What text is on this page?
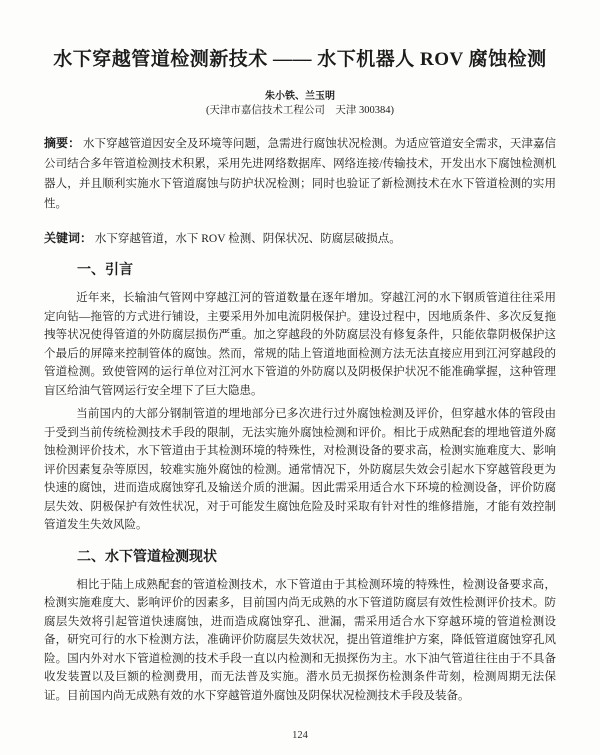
水下穿越管道检测新技术 —— 水下机器人 ROV 腐蚀检测
朱小铁、兰玉明
(天津市嘉信技术工程公司　天津 300384)

摘要： 水下穿越管道因安全及环境等问题，急需进行腐蚀状况检测。为适应管道安全需求，天津嘉信公司结合多年管道检测技术积累，采用先进网络数据库、网络连接/传输技术，开发出水下腐蚀检测机器人，并且顺利实施水下管道腐蚀与防护状况检测；同时也验证了新检测技术在水下管道检测的实用性。

关键词： 水下穿越管道，水下 ROV 检测、阴保状况、防腐层破损点。

一、引言

近年来，长输油气管网中穿越江河的管道数量在逐年增加。穿越江河的水下钢质管道往往采用定向钻—拖管的方式进行铺设，主要采用外加电流阴极保护。建设过程中，因地质条件、多次反复拖拽等状况使得管道的外防腐层损伤严重。加之穿越段的外防腐层没有修复条件，只能依靠阴极保护这个最后的屏障来控制管体的腐蚀。然而，常规的陆上管道地面检测方法无法直接应用到江河穿越段的管道检测。致使管网的运行单位对江河水下管道的外防腐以及阴极保护状况不能准确掌握，这种管理盲区给油气管网运行安全埋下了巨大隐患。

当前国内的大部分钢制管道的埋地部分已多次进行过外腐蚀检测及评价，但穿越水体的管段由于受到当前传统检测技术手段的限制，无法实施外腐蚀检测和评价。相比于成熟配套的埋地管道外腐蚀检测评价技术，水下管道由于其检测环境的特殊性，对检测设备的要求高，检测实施难度大、影响评价因素复杂等原因，较难实施外腐蚀的检测。通常情况下，外防腐层失效会引起水下穿越管段更为快速的腐蚀，进而造成腐蚀穿孔及输送介质的泄漏。因此需采用适合水下环境的检测设备，评价防腐层失效、阴极保护有效性状况，对于可能发生腐蚀危险及时采取有针对性的维修措施，才能有效控制管道发生失效风险。

二、水下管道检测现状

相比于陆上成熟配套的管道检测技术，水下管道由于其检测环境的特殊性，检测设备要求高，检测实施难度大、影响评价的因素多，目前国内尚无成熟的水下管道防腐层有效性检测评价技术。防腐层失效将引起管道快速腐蚀，进而造成腐蚀穿孔、泄漏，需采用适合水下穿越环境的管道检测设备，研究可行的水下检测方法，准确评价防腐层失效状况，提出管道维护方案，降低管道腐蚀穿孔风险。国内外对水下管道检测的技术手段一直以内检测和无损探伤为主。水下油气管道往往由于不具备收发装置以及巨额的检测费用，而无法普及实施。潜水员无损探伤检测条件苛刻，检测周期无法保证。目前国内尚无成熟有效的水下穿越管道外腐蚀及阴保状况检测技术手段及装备。

124
